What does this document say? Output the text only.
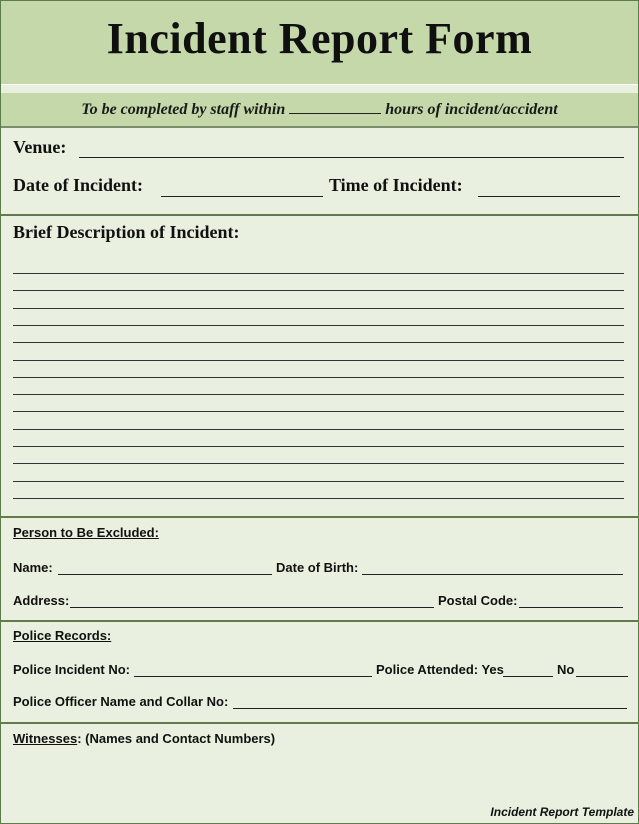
Incident Report Form
To be completed by staff within	hours of incident/accident
Venue:
Date of Incident:	Time of Incident:
Brief Description of Incident:
Person to Be Excluded:
Name:	Date of Birth:
Address:	Postal Code:
Police Records:
Police Incident No:	Police Attended: Yes	No
Police Officer Name and Collar No:
Witnesses: (Names and Contact Numbers)
Incident Report Template
